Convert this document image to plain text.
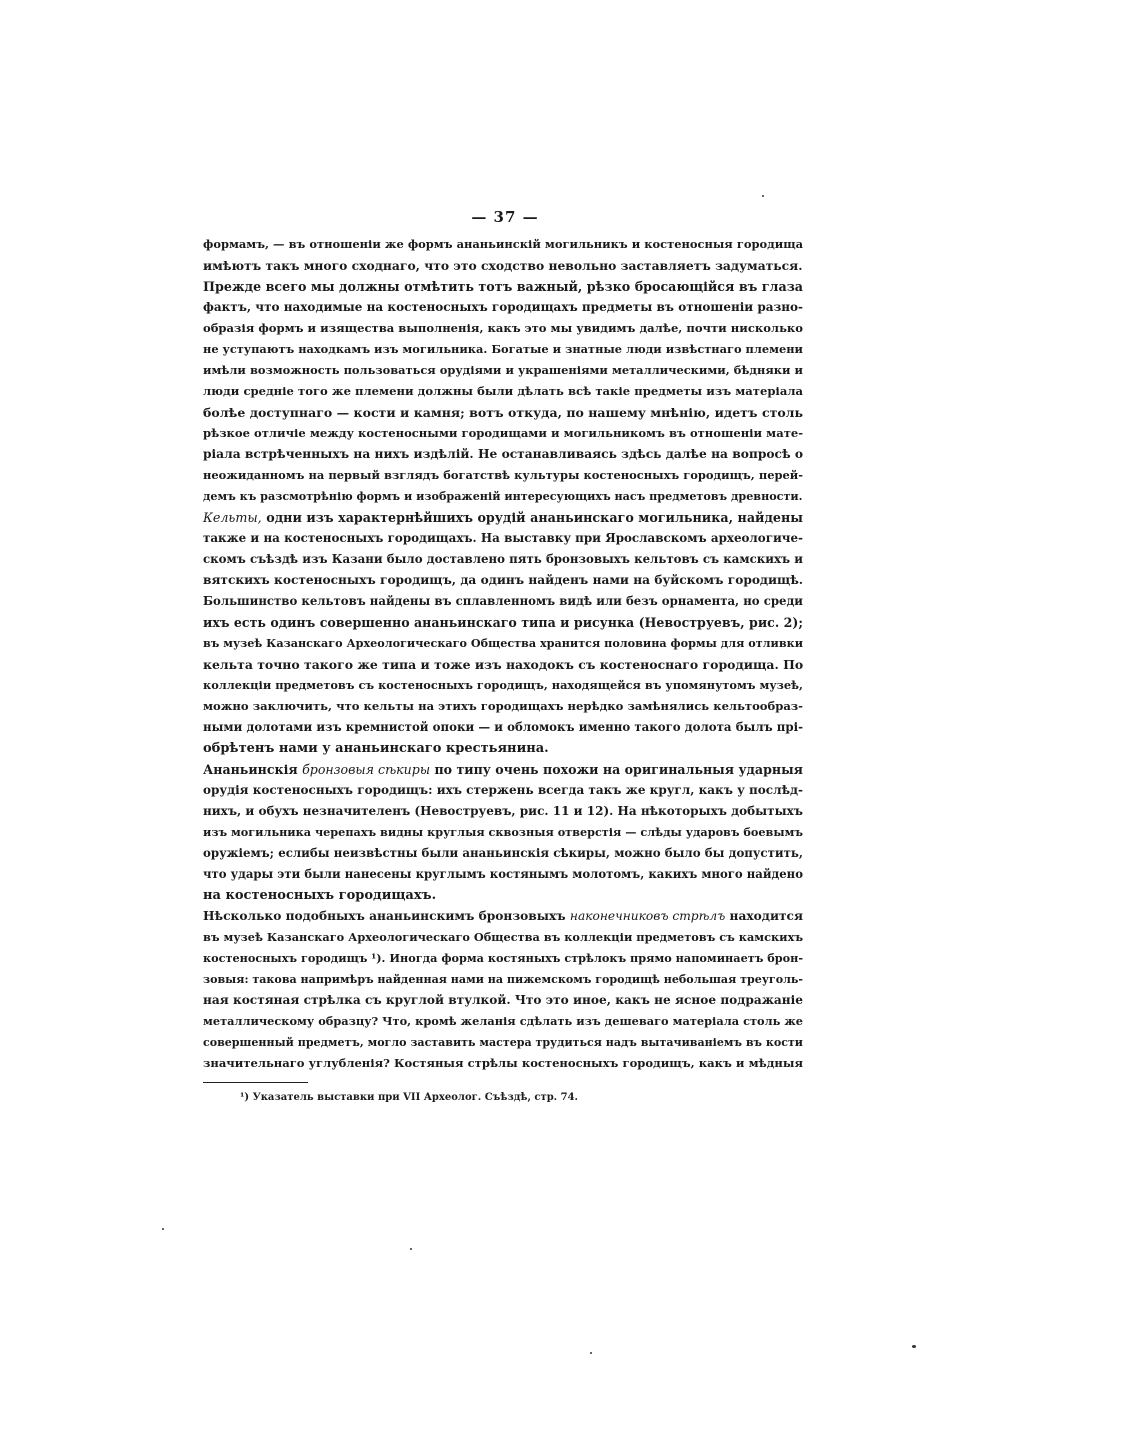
— 37 —
формамъ, — въ отношеніи же формъ ананьинскій могильникъ и костеносныя городища
имѣютъ такъ много сходнаго, что это сходство невольно заставляетъ задуматься.
Прежде всего мы должны отмѣтить тотъ важный, рѣзко бросающійся въ глаза
фактъ, что находимые на костеносныхъ городищахъ предметы въ отношеніи разно-
образія формъ и изящества выполненія, какъ это мы увидимъ далѣе, почти нисколько
не уступаютъ находкамъ изъ могильника. Богатые и знатные люди извѣстнаго племени
имѣли возможность пользоваться орудіями и украшеніями металлическими, бѣдняки и
люди средніе того же племени должны были дѣлать всѣ такіе предметы изъ матеріала
болѣе доступнаго — кости и камня; вотъ откуда, по нашему мнѣнію, идетъ столь
рѣзкое отличіе между костеносными городищами и могильникомъ въ отношеніи мате-
ріала встрѣченныхъ на нихъ издѣлій. Не останавливаясь здѣсь далѣе на вопросѣ о
неожиданномъ на первый взглядъ богатствѣ культуры костеносныхъ городищъ, перей-
демъ къ разсмотрѣнію формъ и изображеній интересующихъ насъ предметовъ древности.
Кельты, одни изъ характернѣйшихъ орудій ананьинскаго могильника, найдены
также и на костеносныхъ городищахъ. На выставку при Ярославскомъ археологиче-
скомъ съѣздѣ изъ Казани было доставлено пять бронзовыхъ кельтовъ съ камскихъ и
вятскихъ костеносныхъ городищъ, да одинъ найденъ нами на буйскомъ городищѣ.
Большинство кельтовъ найдены въ сплавленномъ видѣ или безъ орнамента, но среди
ихъ есть одинъ совершенно ананьинскаго типа и рисунка (Невоструевъ, рис. 2);
въ музеѣ Казанскаго Археологическаго Общества хранится половина формы для отливки
кельта точно такого же типа и тоже изъ находокъ съ костеноснаго городища. По
коллекціи предметовъ съ костеносныхъ городищъ, находящейся въ упомянутомъ музеѣ,
можно заключить, что кельты на этихъ городищахъ нерѣдко замѣнялись кельтообраз-
ными долотами изъ кремнистой опоки — и обломокъ именно такого долота былъ прі-
обрѣтенъ нами у ананьинскаго крестьянина.
Ананьинскія бронзовыя сѣкиры по типу очень похожи на оригинальныя ударныя
орудія костеносныхъ городищъ: ихъ стержень всегда такъ же кругл, какъ у послѣд-
нихъ, и обухъ незначителенъ (Невоструевъ, рис. 11 и 12). На нѣкоторыхъ добытыхъ
изъ могильника черепахъ видны круглыя сквозныя отверстія — слѣды ударовъ боевымъ
оружіемъ; еслибы неизвѣстны были ананьинскія сѣкиры, можно было бы допустить,
что удары эти были нанесены круглымъ костянымъ молотомъ, какихъ много найдено
на костеносныхъ городищахъ.
Нѣсколько подобныхъ ананьинскимъ бронзовыхъ наконечниковъ стрѣлъ находится
въ музеѣ Казанскаго Археологическаго Общества въ коллекціи предметовъ съ камскихъ
костеносныхъ городищъ ¹). Иногда форма костяныхъ стрѣлокъ прямо напоминаетъ брон-
зовыя: такова напримѣръ найденная нами на пижемскомъ городищѣ небольшая треуголь-
ная костяная стрѣлка съ круглой втулкой. Что это иное, какъ не ясное подражаніе
металлическому образцу? Что, кромѣ желанія сдѣлать изъ дешеваго матеріала столь же
совершенный предметъ, могло заставить мастера трудиться надъ вытачиваніемъ въ кости
значительнаго углубленія? Костяныя стрѣлы костеносныхъ городищъ, какъ и мѣдныя
¹) Указатель выставки при VII Археолог. Съѣздѣ, стр. 74.
